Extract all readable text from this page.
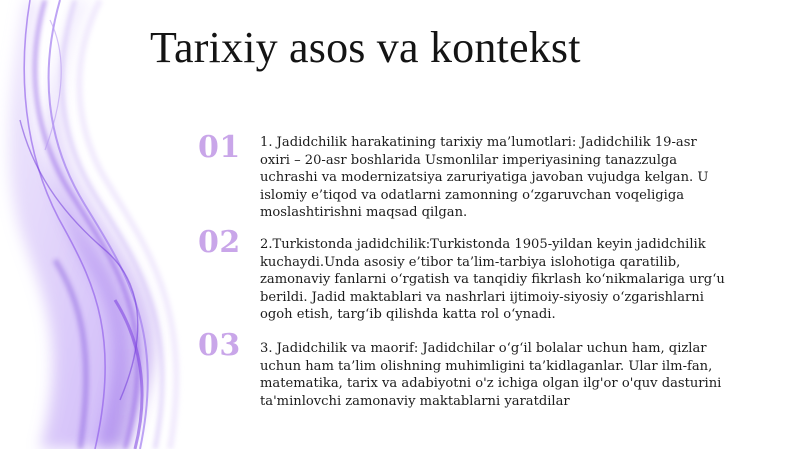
Tarixiy asos va kontekst
01 1. Jadidchilik harakatining tarixiy ma’lumotlari: Jadidchilik 19-asr oxiri – 20-asr boshlarida Usmonlilar imperiyasining tanazzulga uchrashi va modernizatsiya zaruriyatiga javoban vujudga kelgan. U islomiy e’tiqod va odatlarni zamonning o‘zgaruvchan voqeligiga moslashtirishni maqsad qilgan.

02 2.Turkistonda jadidchilik:Turkistonda 1905-yildan keyin jadidchilik kuchaydi.Unda asosiy e’tibor ta’lim-tarbiya islohotiga qaratilib, zamonaviy fanlarni o‘rgatish va tanqidiy fikrlash ko‘nikmalariga urg‘u berildi. Jadid maktablari va nashrlari ijtimoiy-siyosiy o‘zgarishlarni ogoh etish, targ‘ib qilishda katta rol o‘ynadi.

03 3. Jadidchilik va maorif: Jadidchilar o‘g‘il bolalar uchun ham, qizlar uchun ham ta’lim olishning muhimligini ta’kidlaganlar. Ular ilm-fan, matematika, tarix va adabiyotni o'z ichiga olgan ilg'or o'quv dasturini ta'minlovchi zamonaviy maktablarni yaratdilar
